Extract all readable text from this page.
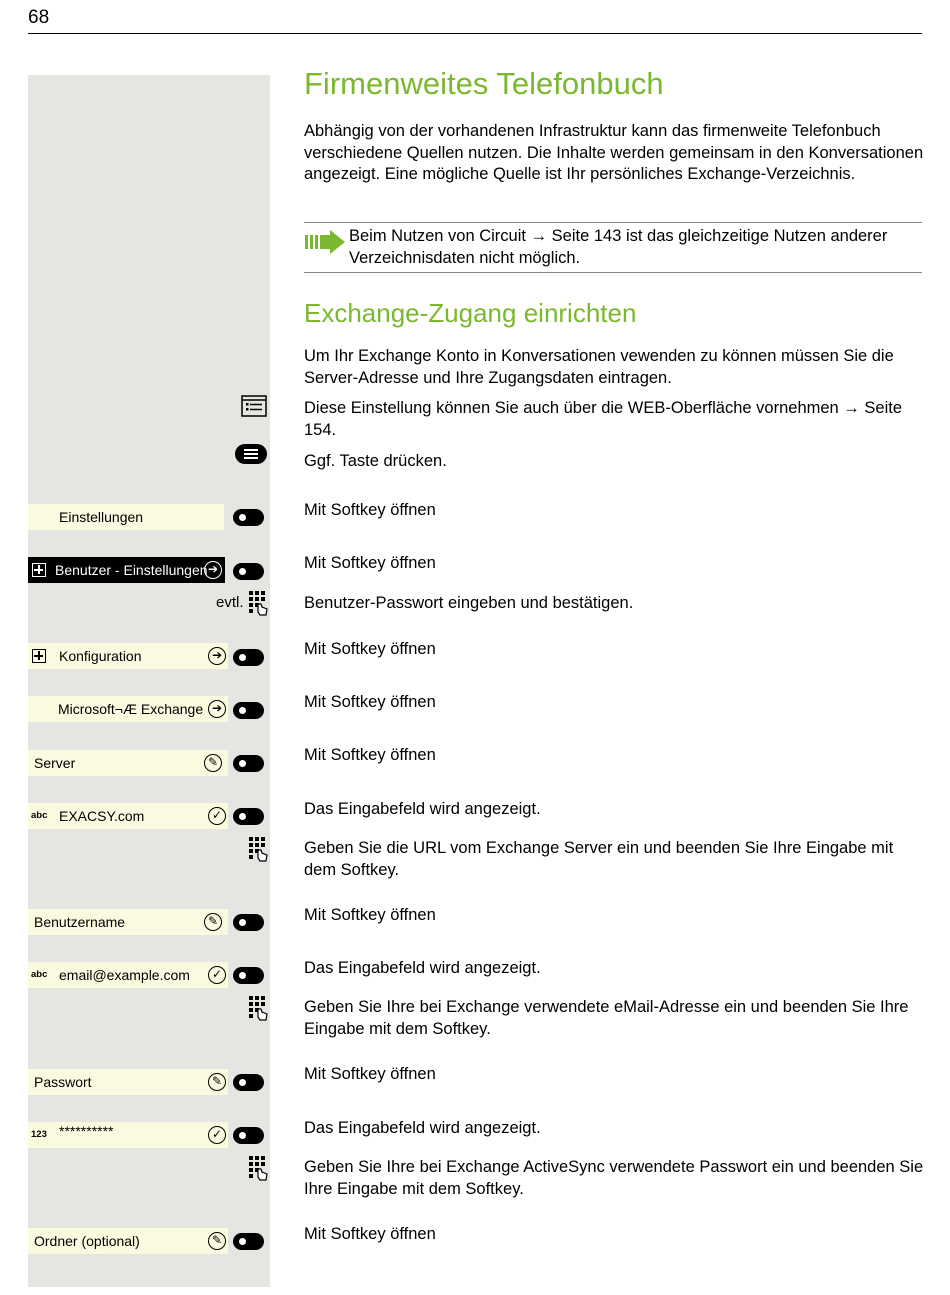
68
Firmenweites Telefonbuch
Abhängig von der vorhandenen Infrastruktur kann das firmenweite Telefonbuch verschiedene Quellen nutzen. Die Inhalte werden gemeinsam in den Konversationen angezeigt. Eine mögliche Quelle ist Ihr persönliches Exchange-Verzeichnis.
Beim Nutzen von Circuit → Seite 143 ist das gleichzeitige Nutzen anderer Verzeichnisdaten nicht möglich.
Exchange-Zugang einrichten
Um Ihr Exchange Konto in Konversationen vewenden zu können müssen Sie die Server-Adresse und Ihre Zugangsdaten eintragen.
Diese Einstellung können Sie auch über die WEB-Oberfläche vornehmen → Seite 154.
Ggf. Taste drücken.
Einstellungen	Mit Softkey öffnen
Benutzer - Einstellungen ➔	Mit Softkey öffnen
evtl.	Benutzer-Passwort eingeben und bestätigen.
Konfiguration	➔	Mit Softkey öffnen
Microsoft¬Æ Exchange ➔	Mit Softkey öffnen
Server	✎	Mit Softkey öffnen
abc EXACSY.com	✓	Das Eingabefeld wird angezeigt.
Geben Sie die URL vom Exchange Server ein und beenden Sie Ihre Eingabe mit dem Softkey.
Benutzername	✎	Mit Softkey öffnen
abc email@example.com	✓	Das Eingabefeld wird angezeigt.
Geben Sie Ihre bei Exchange verwendete eMail-Adresse ein und beenden Sie Ihre Eingabe mit dem Softkey.
Passwort	✎	Mit Softkey öffnen
123 **********	✓	Das Eingabefeld wird angezeigt.
Geben Sie Ihre bei Exchange ActiveSync verwendete Passwort ein und beenden Sie Ihre Eingabe mit dem Softkey.
Ordner (optional)	✎	Mit Softkey öffnen
